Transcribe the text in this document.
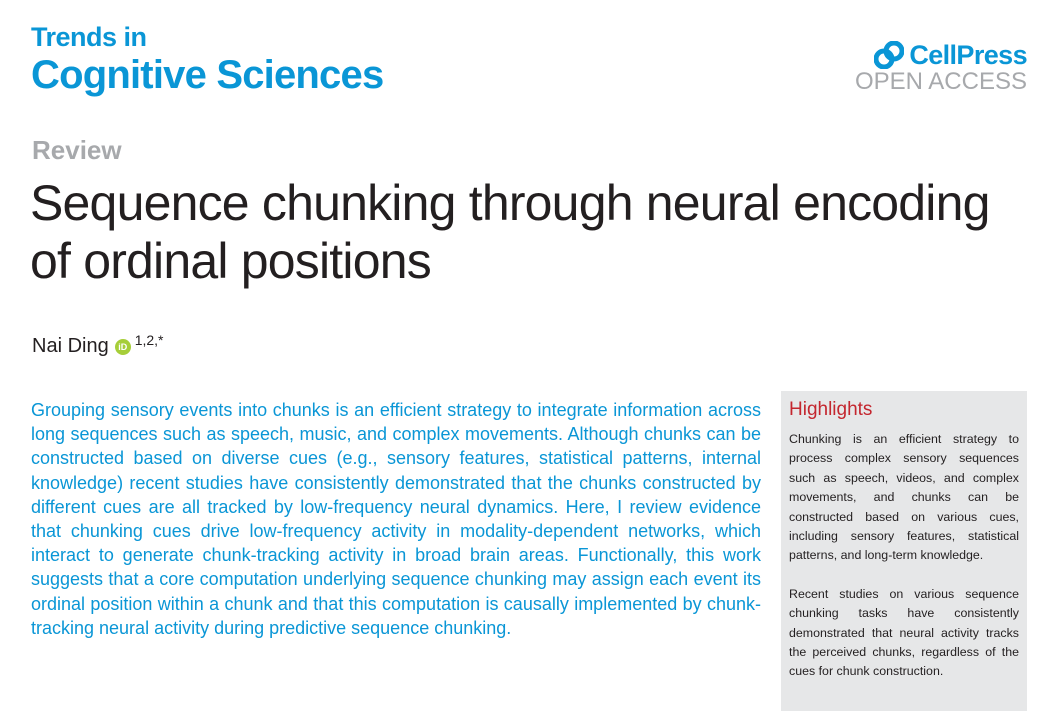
Trends in
Cognitive Sciences	CellPress
OPEN ACCESS
Review
Sequence chunking through neural encoding of ordinal positions
Nai Ding	iD 1,2,*

Grouping sensory events into chunks is an efficient strategy to integrate information across long sequences such as speech, music, and complex movements. Although chunks can be constructed based on diverse cues (e.g., sensory features, statistical patterns, internal knowledge) recent studies have consistently demonstrated that the chunks constructed by different cues are all tracked by low-frequency neural dynamics. Here, I review evidence that chunking cues drive low-frequency activity in modality-dependent networks, which interact to generate chunk-tracking activity in broad brain areas. Functionally, this work suggests that a core computation underlying sequence chunking may assign each event its ordinal position within a chunk and that this computation is causally implemented by chunk-tracking neural activity during predictive sequence chunking.

Highlights

Chunking is an efficient strategy to process complex sensory sequences such as speech, videos, and complex movements, and chunks can be constructed based on various cues, including sensory features, statistical patterns, and long-term knowledge.

Recent studies on various sequence chunking tasks have consistently demonstrated that neural activity tracks the perceived chunks, regardless of the cues for chunk construction.
